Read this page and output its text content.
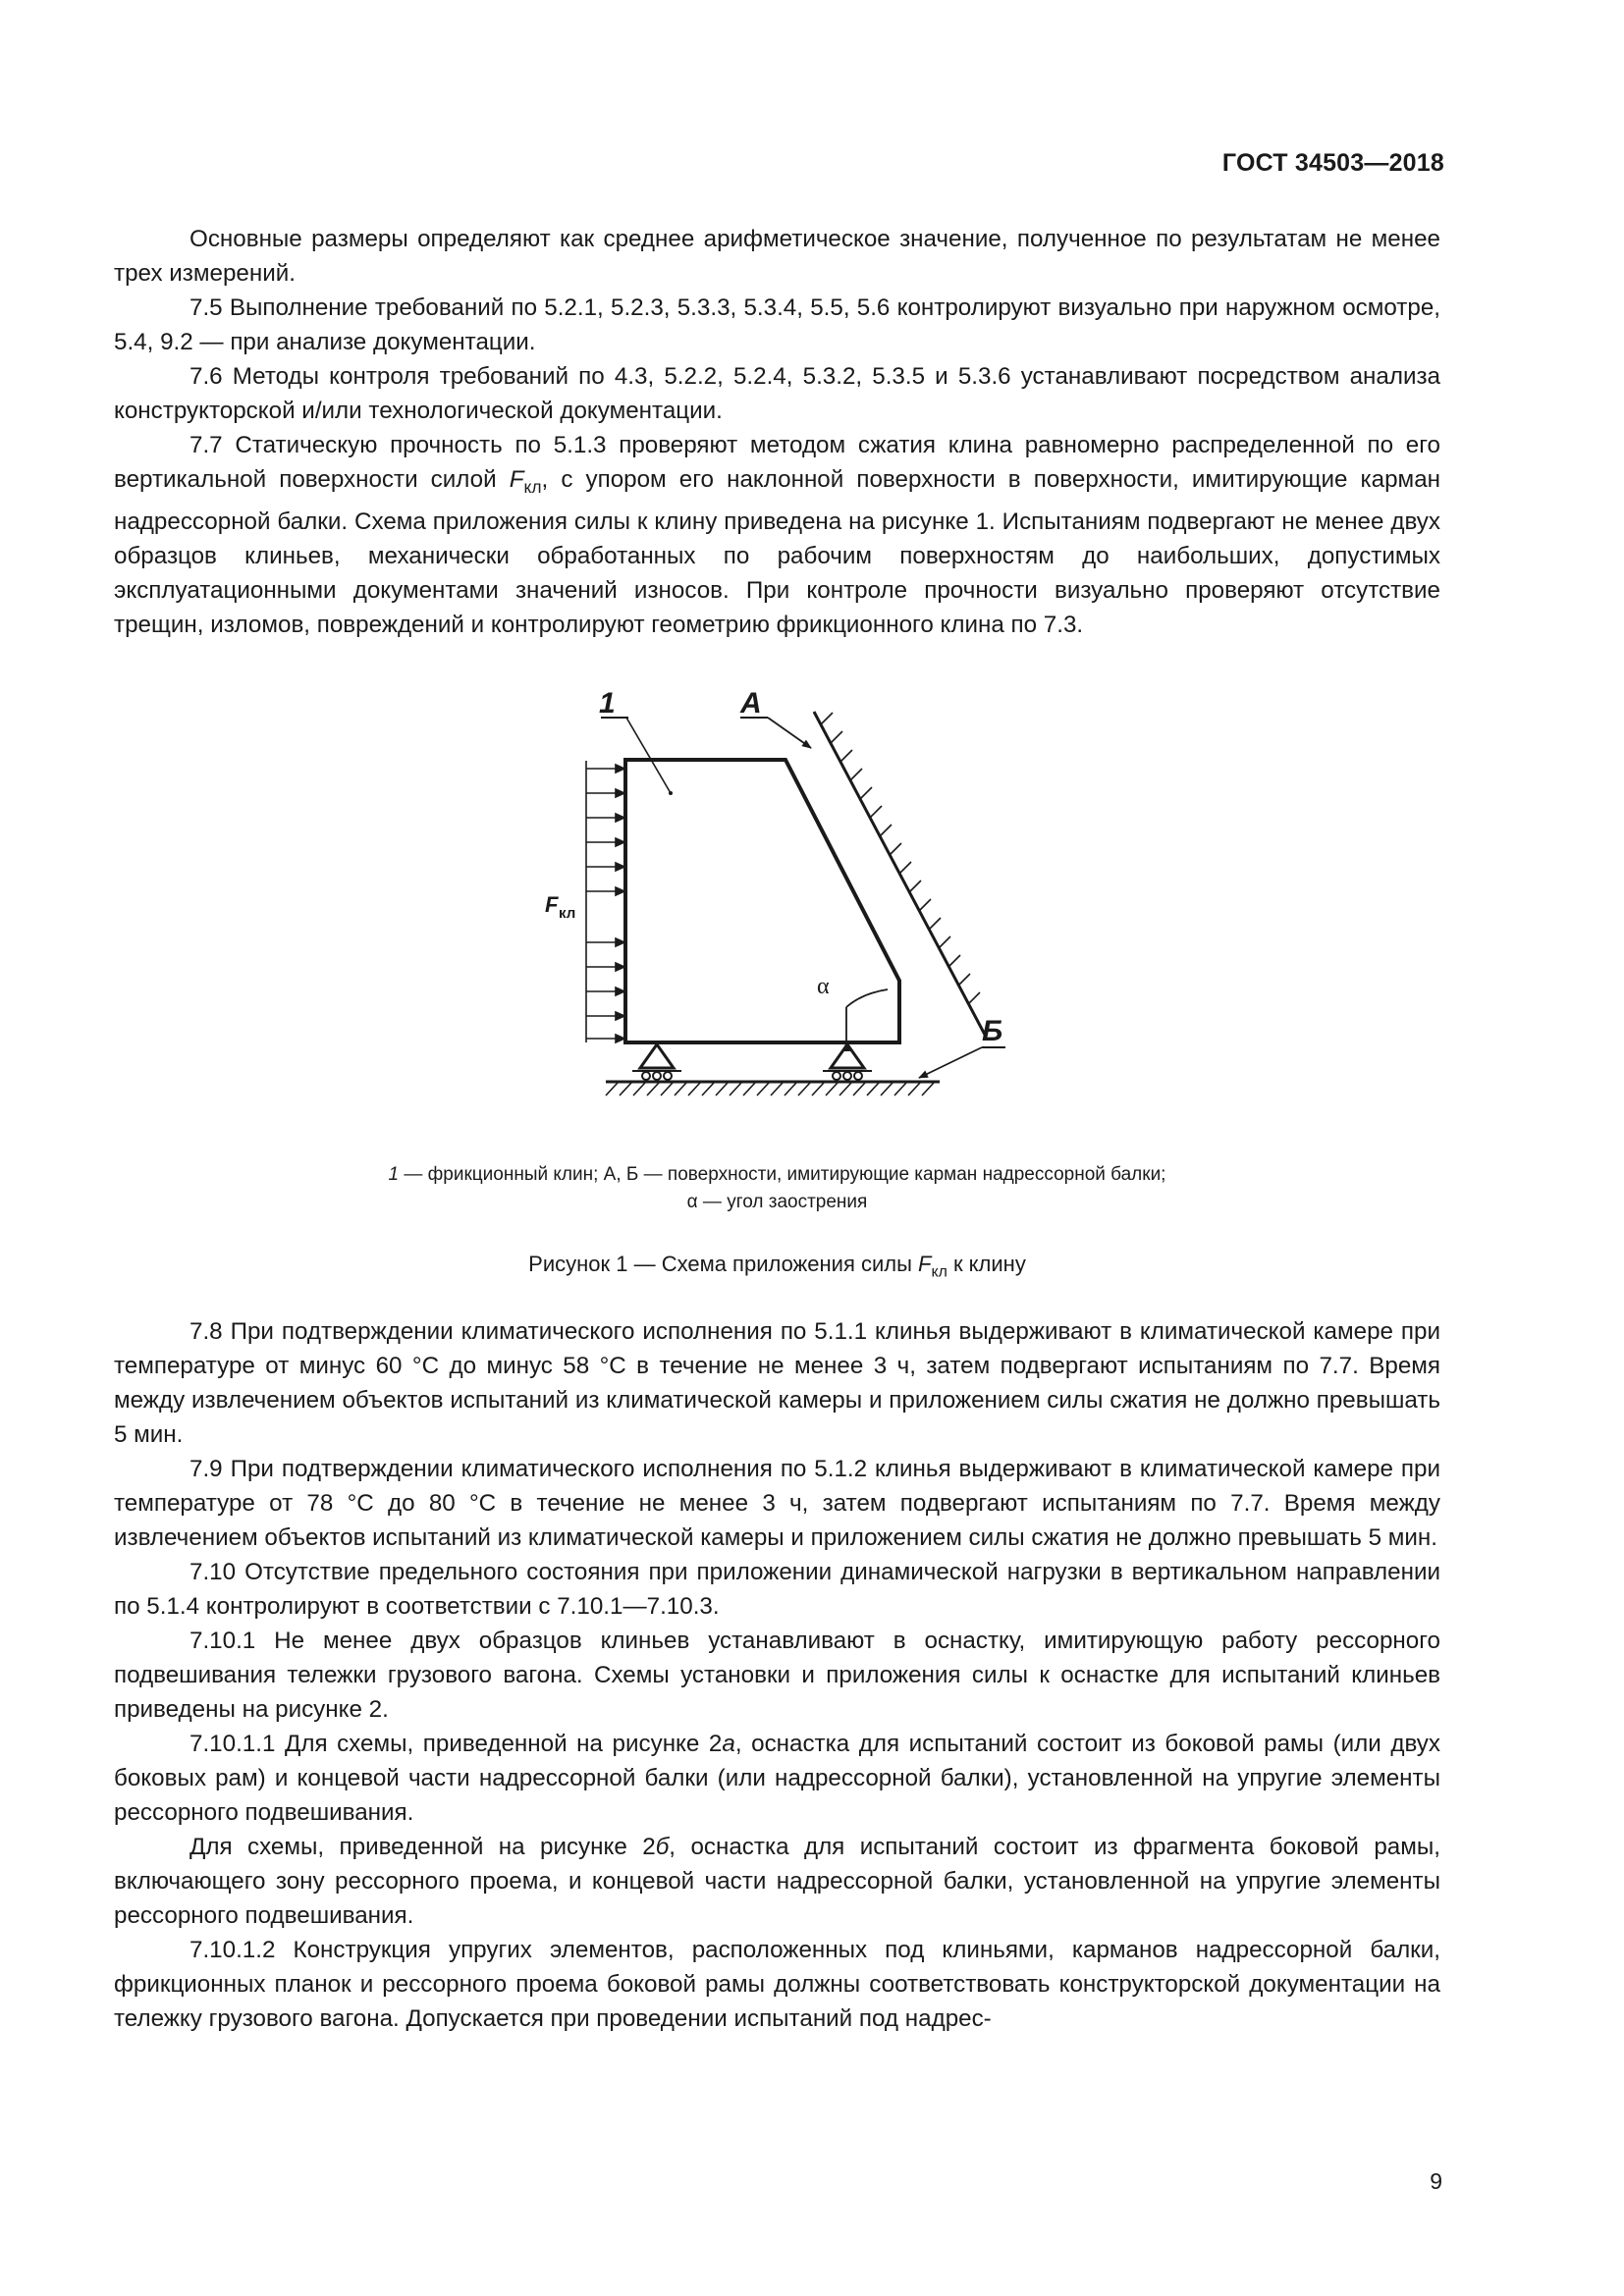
ГОСТ 34503—2018

Основные размеры определяют как среднее арифметическое значение, полученное по результатам не менее трех измерений.

7.5 Выполнение требований по 5.2.1, 5.2.3, 5.3.3, 5.3.4, 5.5, 5.6 контролируют визуально при наружном осмотре, 5.4, 9.2 — при анализе документации.

7.6 Методы контроля требований по 4.3, 5.2.2, 5.2.4, 5.3.2, 5.3.5 и 5.3.6 устанавливают посредством анализа конструкторской и/или технологической документации.

7.7 Статическую прочность по 5.1.3 проверяют методом сжатия клина равномерно распределенной по его вертикальной поверхности силой $F_{кл}$, с упором его наклонной поверхности в поверхности, имитирующие карман надрессорной балки. Схема приложения силы к клину приведена на рисунке 1. Испытаниям подвергают не менее двух образцов клиньев, механически обработанных по рабочим поверхностям до наибольших, допустимых эксплуатационными документами значений износов. При контроле прочности визуально проверяют отсутствие трещин, изломов, повреждений и контролируют геометрию фрикционного клина по 7.3.

F кл
α
1	А
Б
1 — фрикционный клин; А, Б — поверхности, имитирующие карман надрессорной балки;
α — угол заострения
Рисунок 1 — Схема приложения силы $F_{кл}$ к клину

7.8 При подтверждении климатического исполнения по 5.1.1 клинья выдерживают в климатической камере при температуре от минус 60 °С до минус 58 °С в течение не менее 3 ч, затем подвергают испытаниям по 7.7. Время между извлечением объектов испытаний из климатической камеры и приложением силы сжатия не должно превышать 5 мин.

7.9 При подтверждении климатического исполнения по 5.1.2 клинья выдерживают в климатической камере при температуре от 78 °С до 80 °С в течение не менее 3 ч, затем подвергают испытаниям по 7.7. Время между извлечением объектов испытаний из климатической камеры и приложением силы сжатия не должно превышать 5 мин.

7.10 Отсутствие предельного состояния при приложении динамической нагрузки в вертикальном направлении по 5.1.4 контролируют в соответствии с 7.10.1—7.10.3.

7.10.1 Не менее двух образцов клиньев устанавливают в оснастку, имитирующую работу рессорного подвешивания тележки грузового вагона. Схемы установки и приложения силы к оснастке для испытаний клиньев приведены на рисунке 2.

7.10.1.1 Для схемы, приведенной на рисунке 2а, оснастка для испытаний состоит из боковой рамы (или двух боковых рам) и концевой части надрессорной балки (или надрессорной балки), установленной на упругие элементы рессорного подвешивания.

Для схемы, приведенной на рисунке 2б, оснастка для испытаний состоит из фрагмента боковой рамы, включающего зону рессорного проема, и концевой части надрессорной балки, установленной на упругие элементы рессорного подвешивания.

7.10.1.2 Конструкция упругих элементов, расположенных под клиньями, карманов надрессорной балки, фрикционных планок и рессорного проема боковой рамы должны соответствовать конструкторской документации на тележку грузового вагона. Допускается при проведении испытаний под надрес-

9
